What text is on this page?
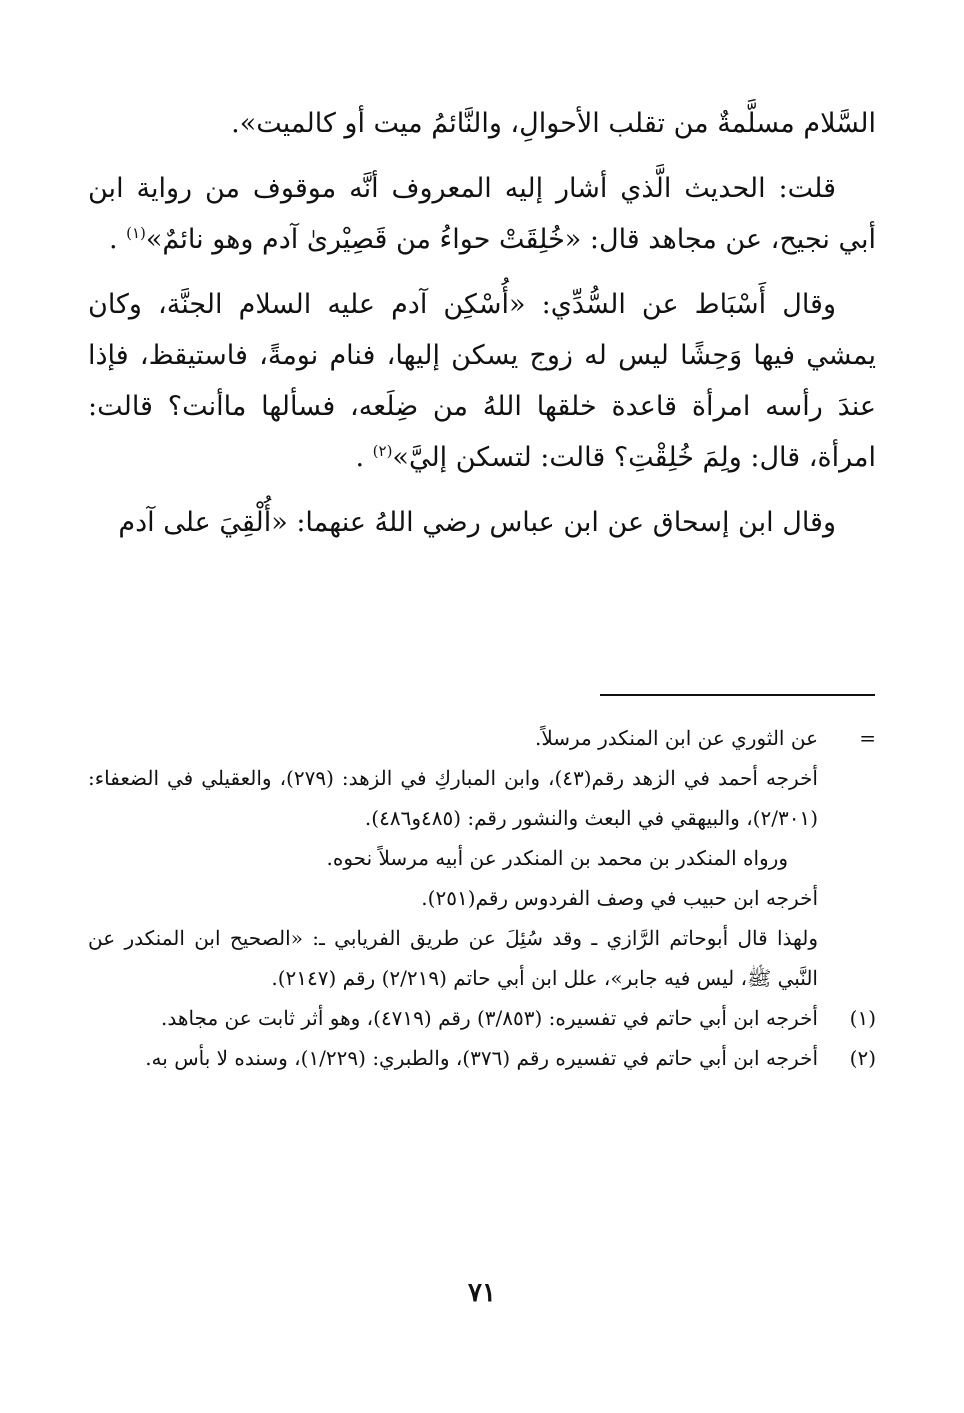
السَّلام مسلَّمةٌ من تقلب الأحوالِ، والنَّائمُ ميت أو كالميت».

قلت: الحديث الَّذي أشار إليه المعروف أنَّه موقوف من رواية ابن أبي نجيح، عن مجاهد قال: «خُلِقَتْ حواءُ من قَصِيْرىٰ آدم وهو نائمٌ»$^{(١)}$ .

وقال أَسْبَاط عن السُّدِّي: «أُسْكِن آدم عليه السلام الجنَّة، وكان يمشي فيها وَحِشًا ليس له زوج يسكن إليها، فنام نومةً، فاستيقظ، فإذا عندَ رأسه امرأة قاعدة خلقها اللهُ من ضِلَعه، فسألها ماأنت؟ قالت: امرأة، قال: ولِمَ خُلِقْتِ؟ قالت: لتسكن إليَّ»$^{(٢)}$ .

وقال ابن إسحاق عن ابن عباس رضي اللهُ عنهما: «أُلْقِيَ على آدم

=
عن الثوري عن ابن المنكدر مرسلاً.
أخرجه أحمد في الزهد رقم(٤٣)، وابن المباركِ في الزهد: (٢٧٩)، والعقيلي في الضعفاء: (٢/٣٠١)، والبيهقي في البعث والنشور رقم: (٤٨٥و٤٨٦).
ورواه المنكدر بن محمد بن المنكدر عن أبيه مرسلاً نحوه.
أخرجه ابن حبيب في وصف الفردوس رقم(٢٥١).
ولهذا قال أبوحاتم الرَّازي ـ وقد سُئِلَ عن طريق الفريابي ـ: «الصحيح ابن المنكدر عن النَّبي ﷺ، ليس فيه جابر»، علل ابن أبي حاتم (٢/٢١٩) رقم (٢١٤٧).
(١)
أخرجه ابن أبي حاتم في تفسيره: (٣/٨٥٣) رقم (٤٧١٩)، وهو أثر ثابت عن مجاهد.
(٢)
أخرجه ابن أبي حاتم في تفسيره رقم (٣٧٦)، والطبري: (١/٢٢٩)، وسنده لا بأس به.
٧١
